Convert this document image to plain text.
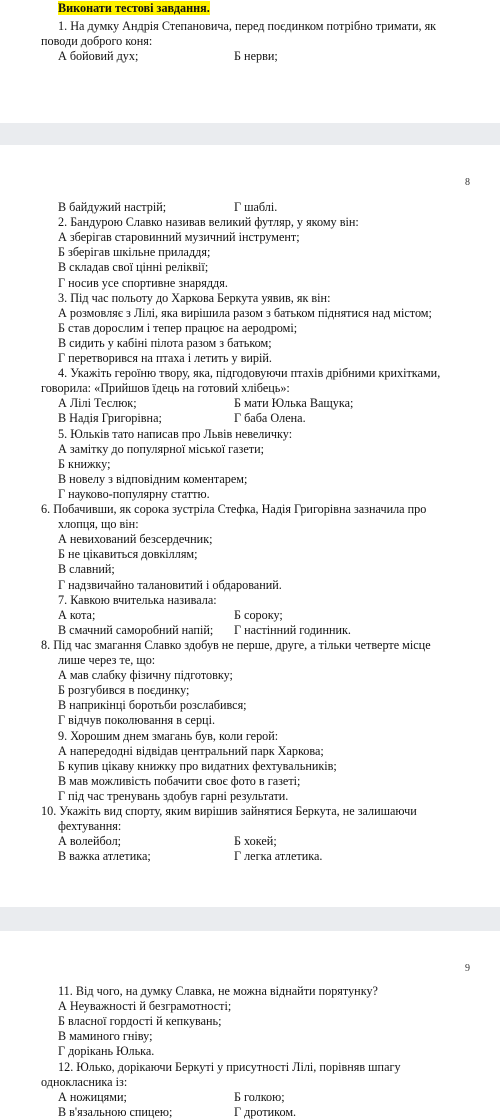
Виконати тестові завдання.
1. На думку Андрія Степановича, перед поєдинком потрібно тримати, як
поводи доброго коня:
А бойовий дух;	Б нерви;
8
В байдужий настрій;	Г шаблі.
2. Бандурою Славко називав великий футляр, у якому він:
А зберігав старовинний музичний інструмент;
Б зберігав шкільне приладдя;
В складав свої цінні реліквії;
Г носив усе спортивне знаряддя.
3. Під час польоту до Харкова Беркута уявив, як він:
А розмовляє з Лілі, яка вирішила разом з батьком піднятися над містом;
Б став дорослим і тепер працює на аеродромі;
В сидить у кабіні пілота разом з батьком;
Г перетворився на птаха і летить у вирій.
4. Укажіть героїню твору, яка, підгодовуючи птахів дрібними крихітками,
говорила: «Прийшов їдець на готовий хлібець»:
А Лілі Теслюк;	Б мати Юлька Ващука;
В Надія Григорівна;	Г баба Олена.
5. Юльків тато написав про Львів невеличку:
А замітку до популярної міської газети;
Б книжку;
В новелу з відповідним коментарем;
Г науково-популярну статтю.
6. Побачивши, як сорока зустріла Стефка, Надія Григорівна зазначила про
хлопця, що він:
А невихований безсердечник;
Б не цікавиться довкіллям;
В славний;
Г надзвичайно талановитий і обдарований.
7. Кавкою вчителька називала:
А кота;	Б сороку;
В смачний саморобний напій; Г настінний годинник.
8. Під час змагання Славко здобув не перше, друге, а тільки четверте місце
лише через те, що:
А мав слабку фізичну підготовку;
Б розгубився в поєдинку;
В наприкінці боротьби розслабився;
Г відчув поколювання в серці.
9. Хорошим днем змагань був, коли герой:
А напередодні відвідав центральний парк Харкова;
Б купив цікаву книжку про видатних фехтувальників;
В мав можливість побачити своє фото в газеті;
Г під час тренувань здобув гарні результати.
10. Укажіть вид спорту, яким вирішив зайнятися Беркута, не залишаючи
фехтування:
А волейбол;	Б хокей;
В важка атлетика;	Г легка атлетика.
9
11. Від чого, на думку Славка, не можна віднайти порятунку?
А Неуважності й безграмотності;
Б власної гордості й кепкувань;
В маминого гніву;
Г дорікань Юлька.
12. Юлько, дорікаючи Беркуті у присутності Лілі, порівняв шпагу
однокласника із:
А ножицями;	Б голкою;
В в'язальною спицею;	Г дротиком.
